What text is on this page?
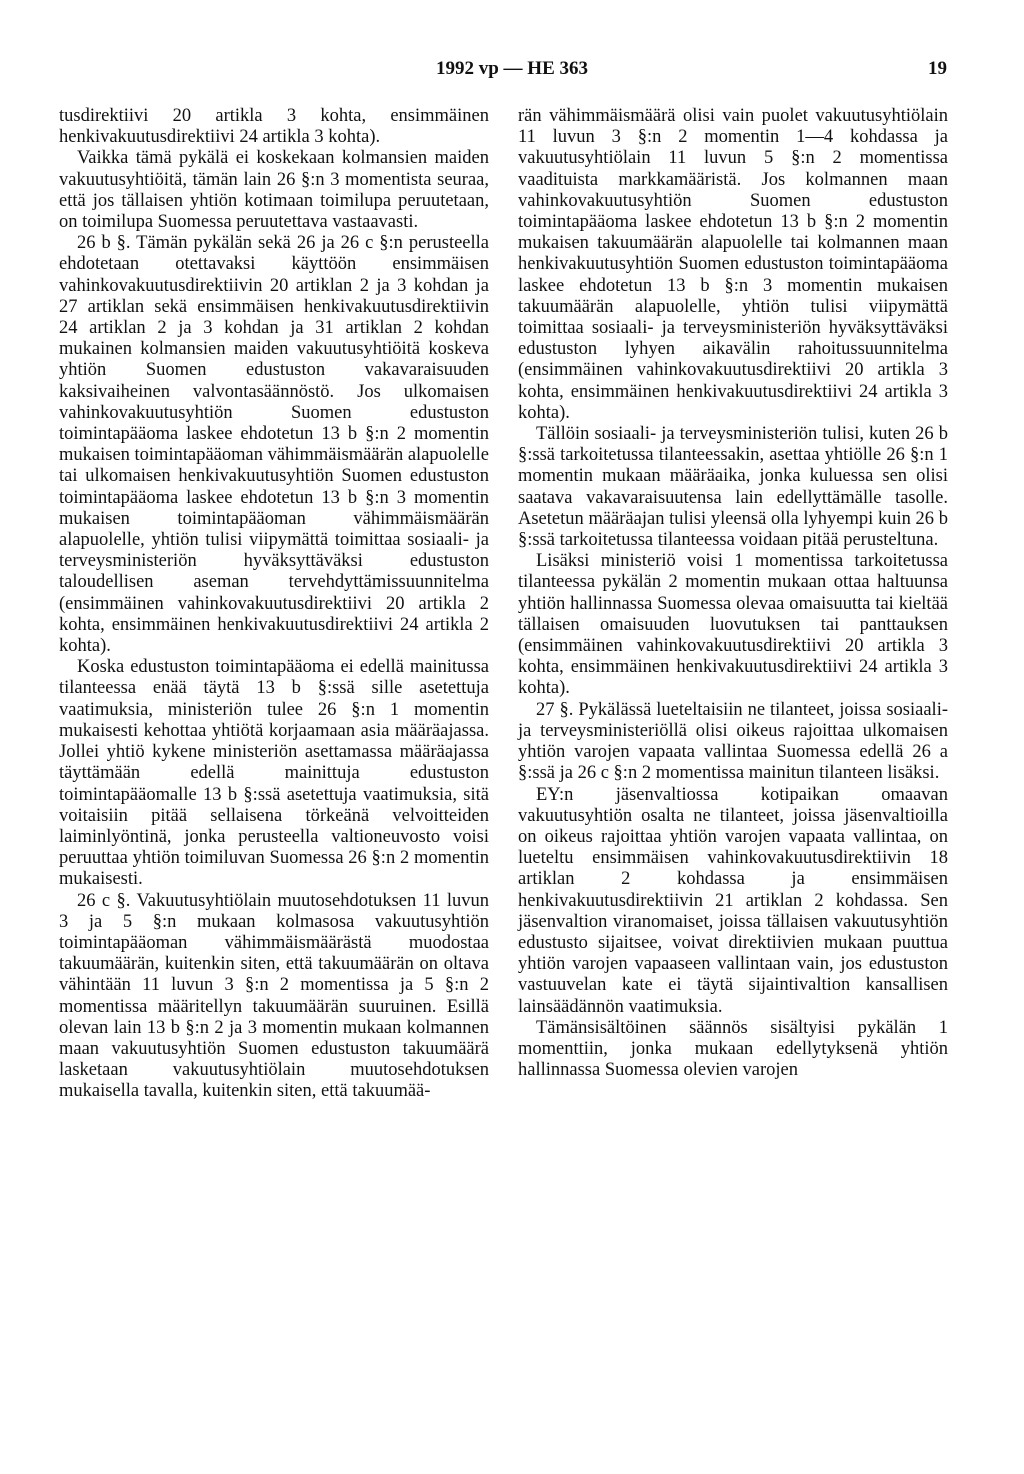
1992 vp — HE 363	19

tusdirektiivi 20 artikla 3 kohta, ensimmäinen henkivakuutusdirektiivi 24 artikla 3 kohta).

Vaikka tämä pykälä ei koskekaan kolmansien maiden vakuutusyhtiöitä, tämän lain 26 §:n 3 momentista seuraa, että jos tällaisen yhtiön kotimaan toimilupa peruutetaan, on toimilupa Suomessa peruutettava vastaavasti.

26 b §. Tämän pykälän sekä 26 ja 26 c §:n perusteella ehdotetaan otettavaksi käyttöön ensimmäisen vahinkovakuutusdirektiivin 20 artiklan 2 ja 3 kohdan ja 27 artiklan sekä ensimmäisen henkivakuutusdirektiivin 24 artiklan 2 ja 3 kohdan ja 31 artiklan 2 kohdan mukainen kolmansien maiden vakuutusyhtiöitä koskeva yhtiön Suomen edustuston vakavaraisuuden kaksivaiheinen valvontasäännöstö. Jos ulkomaisen vahinkovakuutusyhtiön Suomen edustuston toimintapääoma laskee ehdotetun 13 b §:n 2 momentin mukaisen toimintapääoman vähimmäismäärän alapuolelle tai ulkomaisen henkivakuutusyhtiön Suomen edustuston toimintapääoma laskee ehdotetun 13 b §:n 3 momentin mukaisen toimintapääoman vähimmäismäärän alapuolelle, yhtiön tulisi viipymättä toimittaa sosiaali- ja terveysministeriön hyväksyttäväksi edustuston taloudellisen aseman tervehdyttämissuunnitelma (ensimmäinen vahinkovakuutusdirektiivi 20 artikla 2 kohta, ensimmäinen henkivakuutusdirektiivi 24 artikla 2 kohta).

Koska edustuston toimintapääoma ei edellä mainitussa tilanteessa enää täytä 13 b §:ssä sille asetettuja vaatimuksia, ministeriön tulee 26 §:n 1 momentin mukaisesti kehottaa yhtiötä korjaamaan asia määräajassa. Jollei yhtiö kykene ministeriön asettamassa määräajassa täyttämään edellä mainittuja edustuston toimintapääomalle 13 b §:ssä asetettuja vaatimuksia, sitä voitaisiin pitää sellaisena törkeänä velvoitteiden laiminlyöntinä, jonka perusteella valtioneuvosto voisi peruuttaa yhtiön toimiluvan Suomessa 26 §:n 2 momentin mukaisesti.

26 c §. Vakuutusyhtiölain muutosehdotuksen 11 luvun 3 ja 5 §:n mukaan kolmasosa vakuutusyhtiön toimintapääoman vähimmäismäärästä muodostaa takuumäärän, kuitenkin siten, että takuumäärän on oltava vähintään 11 luvun 3 §:n 2 momentissa ja 5 §:n 2 momentissa määritellyn takuumäärän suuruinen. Esillä olevan lain 13 b §:n 2 ja 3 momentin mukaan kolmannen maan vakuutusyhtiön Suomen edustuston takuumäärä lasketaan vakuutusyhtiölain muutosehdotuksen mukaisella tavalla, kuitenkin siten, että takuumää-

rän vähimmäismäärä olisi vain puolet vakuutusyhtiölain 11 luvun 3 §:n 2 momentin 1—4 kohdassa ja vakuutusyhtiölain 11 luvun 5 §:n 2 momentissa vaadituista markkamääristä. Jos kolmannen maan vahinkovakuutusyhtiön Suomen edustuston toimintapääoma laskee ehdotetun 13 b §:n 2 momentin mukaisen takuumäärän alapuolelle tai kolmannen maan henkivakuutusyhtiön Suomen edustuston toimintapääoma laskee ehdotetun 13 b §:n 3 momentin mukaisen takuumäärän alapuolelle, yhtiön tulisi viipymättä toimittaa sosiaali- ja terveysministeriön hyväksyttäväksi edustuston lyhyen aikavälin rahoitussuunnitelma (ensimmäinen vahinkovakuutusdirektiivi 20 artikla 3 kohta, ensimmäinen henkivakuutusdirektiivi 24 artikla 3 kohta).

Tällöin sosiaali- ja terveysministeriön tulisi, kuten 26 b §:ssä tarkoitetussa tilanteessakin, asettaa yhtiölle 26 §:n 1 momentin mukaan määräaika, jonka kuluessa sen olisi saatava vakavaraisuutensa lain edellyttämälle tasolle. Asetetun määräajan tulisi yleensä olla lyhyempi kuin 26 b §:ssä tarkoitetussa tilanteessa voidaan pitää perusteltuna.

Lisäksi ministeriö voisi 1 momentissa tarkoitetussa tilanteessa pykälän 2 momentin mukaan ottaa haltuunsa yhtiön hallinnassa Suomessa olevaa omaisuutta tai kieltää tällaisen omaisuuden luovutuksen tai panttauksen (ensimmäinen vahinkovakuutusdirektiivi 20 artikla 3 kohta, ensimmäinen henkivakuutusdirektiivi 24 artikla 3 kohta).

27 §. Pykälässä lueteltaisiin ne tilanteet, joissa sosiaali- ja terveysministeriöllä olisi oikeus rajoittaa ulkomaisen yhtiön varojen vapaata vallintaa Suomessa edellä 26 a §:ssä ja 26 c §:n 2 momentissa mainitun tilanteen lisäksi.

EY:n jäsenvaltiossa kotipaikan omaavan vakuutusyhtiön osalta ne tilanteet, joissa jäsenvaltioilla on oikeus rajoittaa yhtiön varojen vapaata vallintaa, on lueteltu ensimmäisen vahinkovakuutusdirektiivin 18 artiklan 2 kohdassa ja ensimmäisen henkivakuutusdirektiivin 21 artiklan 2 kohdassa. Sen jäsenvaltion viranomaiset, joissa tällaisen vakuutusyhtiön edustusto sijaitsee, voivat direktiivien mukaan puuttua yhtiön varojen vapaaseen vallintaan vain, jos edustuston vastuuvelan kate ei täytä sijaintivaltion kansallisen lainsäädännön vaatimuksia.

Tämänsisältöinen säännös sisältyisi pykälän 1 momenttiin, jonka mukaan edellytyksenä yhtiön hallinnassa Suomessa olevien varojen
